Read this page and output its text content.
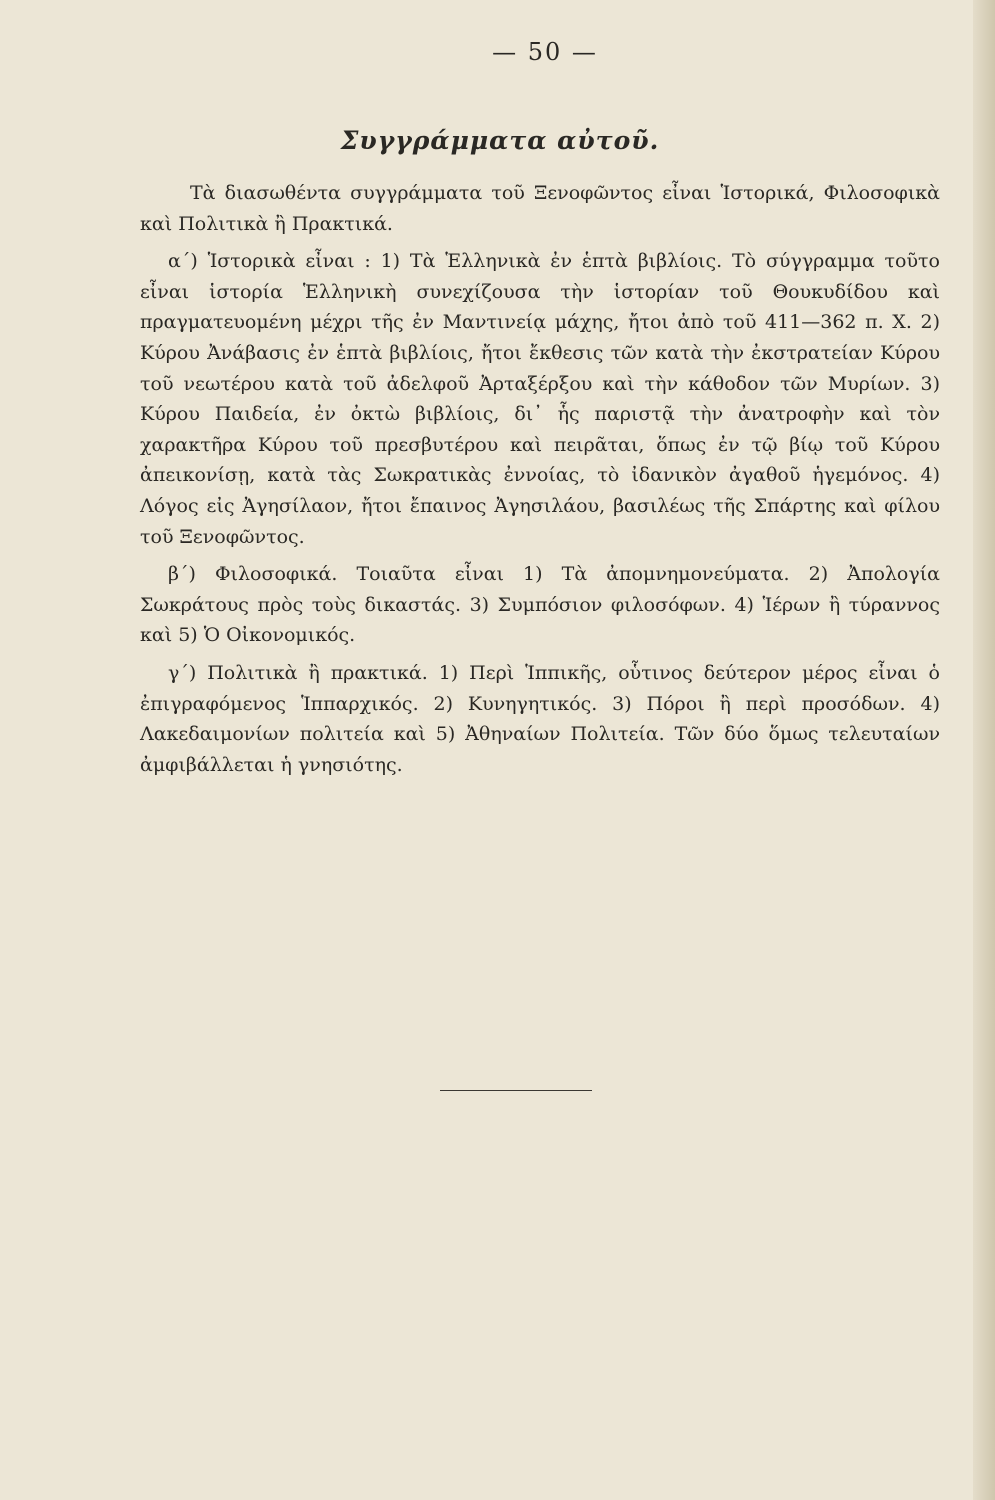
— 50 —
Συγγράμματα αὐτοῦ.

Τὰ διασωθέντα συγγράμματα τοῦ Ξενοφῶντος εἶναι Ἱστορικά, Φιλοσοφικὰ καὶ Πολιτικὰ ἢ Πρακτικά.

α΄) Ἱστορικὰ εἶναι : 1) Τὰ Ἑλληνικὰ ἐν ἑπτὰ βιβλίοις. Τὸ σύγγραμμα τοῦτο εἶναι ἱστορία Ἑλληνικὴ συνεχίζουσα τὴν ἱστορίαν τοῦ Θουκυδίδου καὶ πραγματευομένη μέχρι τῆς ἐν Μαντινείᾳ μάχης, ἤτοι ἀπὸ τοῦ 411—362 π. Χ. 2) Κύρου Ἀνάβασις ἐν ἑπτὰ βιβλίοις, ἤτοι ἔκθεσις τῶν κατὰ τὴν ἐκστρατείαν Κύρου τοῦ νεωτέρου κατὰ τοῦ ἀδελφοῦ Ἀρταξέρξου καὶ τὴν κάθοδον τῶν Μυρίων. 3) Κύρου Παιδεία, ἐν ὀκτὼ βιβλίοις, δι᾽ ἧς παριστᾷ τὴν ἀνατροφὴν καὶ τὸν χαρακτῆρα Κύρου τοῦ πρεσβυτέρου καὶ πειρᾶται, ὅπως ἐν τῷ βίῳ τοῦ Κύρου ἀπεικονίσῃ, κατὰ τὰς Σωκρατικὰς ἐννοίας, τὸ ἰδανικὸν ἀγαθοῦ ἡγεμόνος. 4) Λόγος εἰς Ἀγησίλαον, ἤτοι ἔπαινος Ἀγησιλάου, βασιλέως τῆς Σπάρτης καὶ φίλου τοῦ Ξενοφῶντος.

β΄) Φιλοσοφικά. Τοιαῦτα εἶναι 1) Τὰ ἀπομνημονεύματα. 2) Ἀπολογία Σωκράτους πρὸς τοὺς δικαστάς. 3) Συμπόσιον φιλοσόφων. 4) Ἱέρων ἢ τύραννος καὶ 5) Ὁ Οἰκονομικός.

γ΄) Πολιτικὰ ἢ πρακτικά. 1) Περὶ Ἱππικῆς, οὗτινος δεύτερον μέρος εἶναι ὁ ἐπιγραφόμενος Ἱππαρχικός. 2) Κυνηγητικός. 3) Πόροι ἢ περὶ προσόδων. 4) Λακεδαιμονίων πολιτεία καὶ 5) Ἀθηναίων Πολιτεία. Τῶν δύο ὅμως τελευταίων ἀμφιβάλλεται ἡ γνησιότης.
